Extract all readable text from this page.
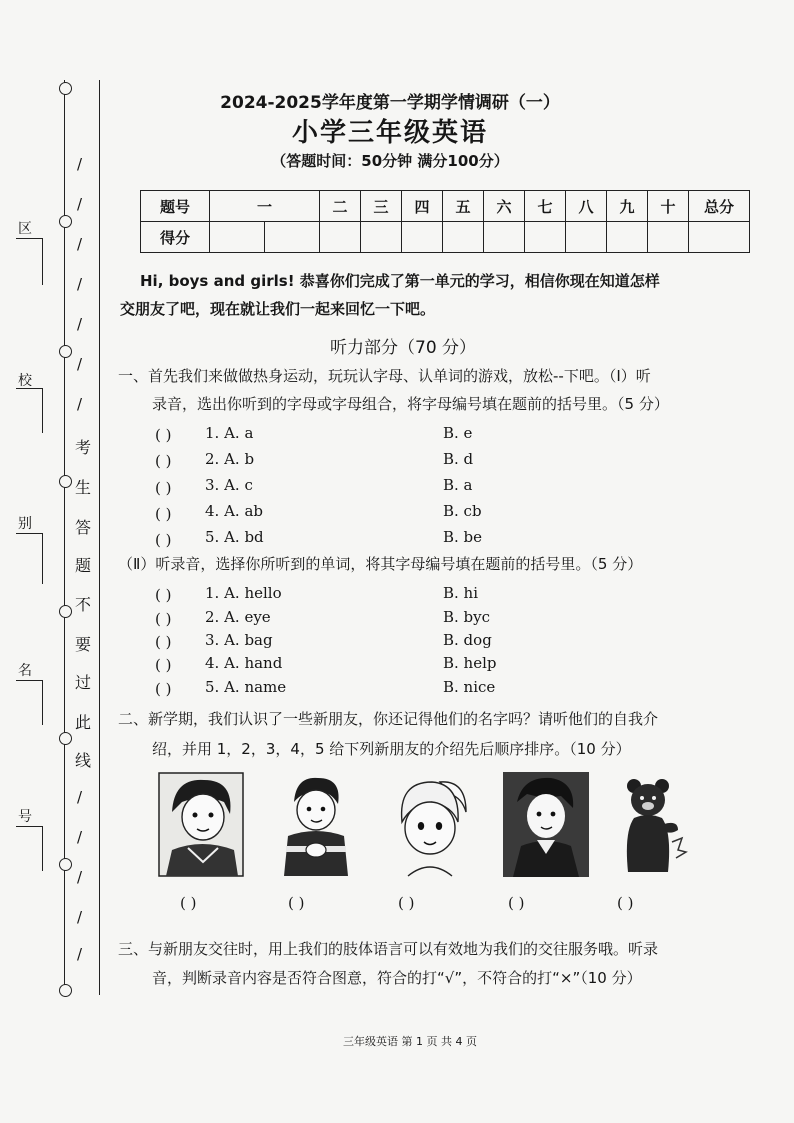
/
/
/
/
/
/
/
考
生
答
题
不
要
过
此
线
/
/
/
/
/
区
校
别
名
号
2024-2025学年度第一学期学情调研（一）
小学三年级英语
（答题时间：50分钟 满分100分）
题号	一		二	三	四	五	六	七	八	九	十	总分
得分												
Hi, boys and girls! 恭喜你们完成了第一单元的学习，相信你现在知道怎样
交朋友了吧，现在就让我们一起来回忆一下吧。
听力部分（70 分）
一、首先我们来做做热身运动，玩玩认字母、认单词的游戏，放松--下吧。（Ⅰ）听
录音，选出你听到的字母或字母组合，将字母编号填在题前的括号里。（5 分）
( ) 1. A. a	B. e
( ) 2. A. b	B. d
( ) 3. A. c	B. a
( ) 4. A. ab	B. cb
( ) 5. A. bd	B. be
（Ⅱ）听录音，选择你所听到的单词，将其字母编号填在题前的括号里。（5 分）
( ) 1. A. hello	B. hi
( ) 2. A. eye	B. byc
( ) 3. A. bag	B. dog
( ) 4. A. hand	B. help
( ) 5. A. name	B. nice
二、新学期，我们认识了一些新朋友，你还记得他们的名字吗？请听他们的自我介
绍，并用 1，2，3，4，5 给下列新朋友的介绍先后顺序排序。（10 分）
( )	( )	( )	( )	( )
三、与新朋友交往时，用上我们的肢体语言可以有效地为我们的交往服务哦。听录
音，判断录音内容是否符合图意，符合的打“√”，不符合的打“×”（10 分）
三年级英语 第 1 页 共 4 页
